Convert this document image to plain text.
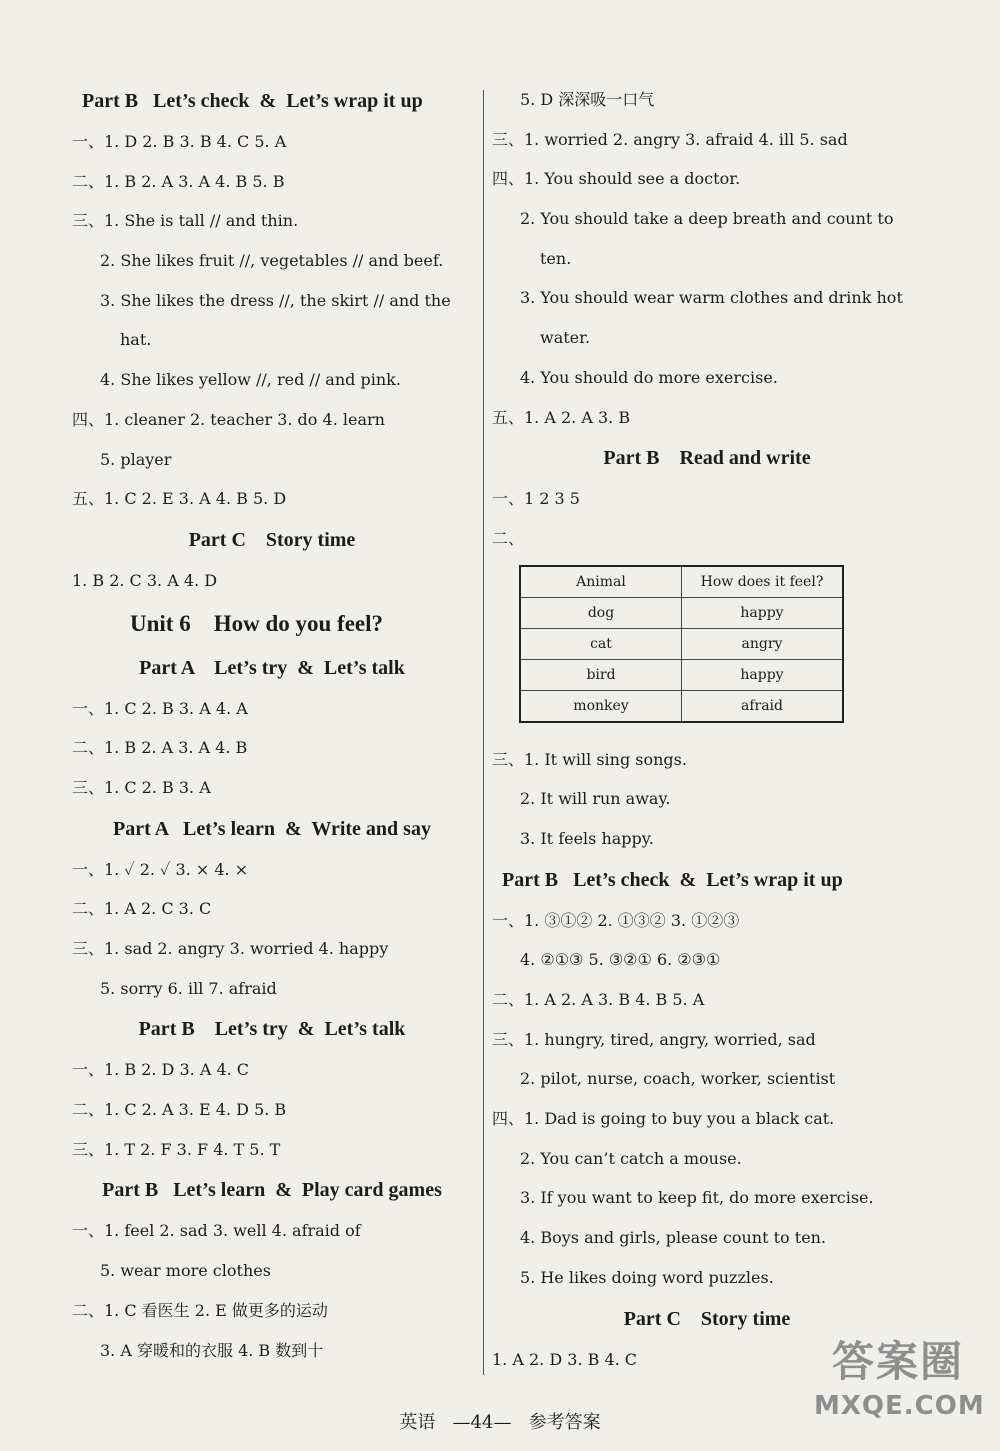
Part B   Let’s check  &  Let’s wrap it up
一、1. D 2. B 3. B 4. C 5. A
二、1. B 2. A 3. A 4. B 5. B
三、1. She is tall // and thin.
2. She likes fruit //, vegetables // and beef.
3. She likes the dress //, the skirt // and the
hat.
4. She likes yellow //, red // and pink.
四、1. cleaner 2. teacher 3. do 4. learn
5. player
五、1. C 2. E 3. A 4. B 5. D
Part C    Story time
1. B 2. C 3. A 4. D
Unit 6    How do you feel?
Part A    Let’s try  &  Let’s talk
一、1. C 2. B 3. A 4. A
二、1. B 2. A 3. A 4. B
三、1. C 2. B 3. A
Part A   Let’s learn  &  Write and say
一、1. ✓ 2. ✓ 3. × 4. ×
二、1. A 2. C 3. C
三、1. sad 2. angry 3. worried 4. happy
5. sorry 6. ill 7. afraid
Part B    Let’s try  &  Let’s talk
一、1. B 2. D 3. A 4. C
二、1. C 2. A 3. E 4. D 5. B
三、1. T 2. F 3. F 4. T 5. T
Part B   Let’s learn  &  Play card games
一、1. feel 2. sad 3. well 4. afraid of
5. wear more clothes
二、1. C 看医生 2. E 做更多的运动
3. A 穿暖和的衣服 4. B 数到十
5. D 深深吸一口气
三、1. worried 2. angry 3. afraid 4. ill 5. sad
四、1. You should see a doctor.
2. You should take a deep breath and count to
ten.
3. You should wear warm clothes and drink hot
water.
4. You should do more exercise.
五、1. A 2. A 3. B
Part B    Read and write
一、1 2 3 5
二、
Animal	How does it feel?
dog	happy
cat	angry
bird	happy
monkey	afraid
三、1. It will sing songs.
2. It will run away.
3. It feels happy.
Part B   Let’s check  &  Let’s wrap it up
一、1. ③①② 2. ①③② 3. ①②③
4. ②①③ 5. ③②① 6. ②③①
二、1. A 2. A 3. B 4. B 5. A
三、1. hungry, tired, angry, worried, sad
2. pilot, nurse, coach, worker, scientist
四、1. Dad is going to buy you a black cat.
2. You can’t catch a mouse.
3. If you want to keep fit, do more exercise.
4. Boys and girls, please count to ten.
5. He likes doing word puzzles.
Part C    Story time
1. A 2. D 3. B 4. C
英语   —44—   参考答案
答案圈
MXQE.COM
